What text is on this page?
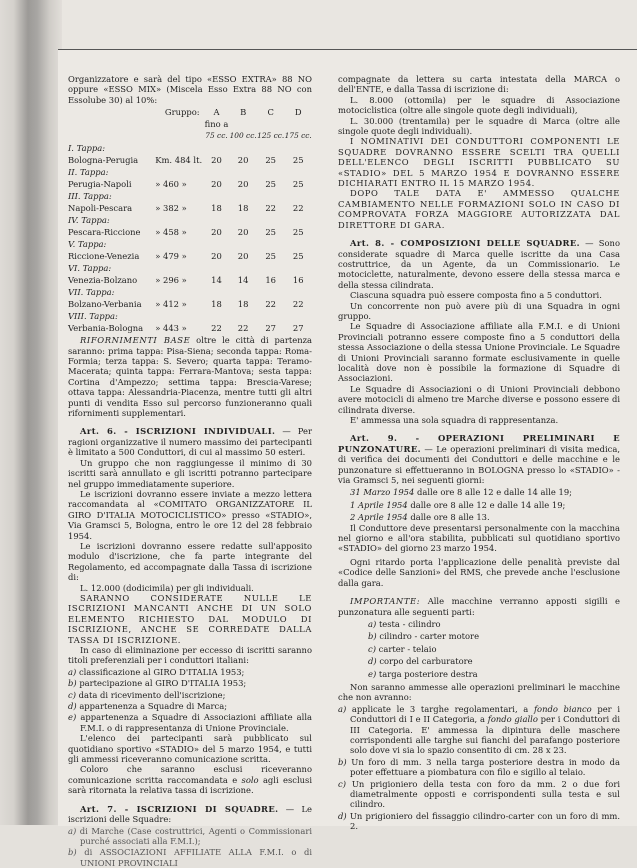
Organizzatore e sarà del tipo «ESSO EXTRA» 88 NO oppure «ESSO MIX» (Miscela Esso Extra 88 NO con Essolube 30) al 10%:

	Gruppo:	A	B	C	D
		fino a			
		75 cc.	100 cc.	125 cc.	175 cc.
I. Tappa:					
Bologna-Perugia	Km. 484 lt.	20	20	25	25
II. Tappa:					
Perugia-Napoli	» 460 »	20	20	25	25
III. Tappa:					
Napoli-Pescara	» 382 »	18	18	22	22
IV. Tappa:					
Pescara-Riccione	» 458 »	20	20	25	25
V. Tappa:					
Riccione-Venezia	» 479 »	20	20	25	25
VI. Tappa:					
Venezia-Bolzano	» 296 »	14	14	16	16
VII. Tappa:					
Bolzano-Verbania	» 412 »	18	18	22	22
VIII. Tappa:					
Verbania-Bologna	» 443 »	22	22	27	27

RIFORNIMENTI BASE oltre le città di partenza saranno: prima tappa: Pisa-Siena; seconda tappa: Roma-Formia; terza tappa: S. Severo; quarta tappa: Teramo-Macerata; quinta tappa: Ferrara-Mantova; sesta tappa: Cortina d'Ampezzo; settima tappa: Brescia-Varese; ottava tappa: Alessandria-Piacenza, mentre tutti gli altri punti di vendita Esso sul percorso funzioneranno quali rifornimenti supplementari.

Art. 6. - ISCRIZIONI INDIVIDUALI. — Per ragioni organizzative il numero massimo dei partecipanti è limitato a 500 Conduttori, di cui al massimo 50 esteri.

Un gruppo che non raggiungesse il minimo di 30 iscritti sarà annullato e gli iscritti potranno partecipare nel gruppo immediatamente superiore.

Le iscrizioni dovranno essere inviate a mezzo lettera raccomandata al «COMITATO ORGANIZZATORE IL GIRO D'ITALIA MOTOCICLISTICO» presso «STADIO», Via Gramsci 5, Bologna, entro le ore 12 del 28 febbraio 1954.

Le iscrizioni dovranno essere redatte sull'apposito modulo d'iscrizione, che fa parte integrante del Regolamento, ed accompagnate dalla Tassa di iscrizione di:

L. 12.000 (dodicimila) per gli individuali.

SARANNO CONSIDERATE NULLE LE ISCRIZIONI MANCANTI ANCHE DI UN SOLO ELEMENTO RICHIESTO DAL MODULO DI ISCRIZIONE, ANCHE SE CORREDATE DALLA TASSA DI ISCRIZIONE.

In caso di eliminazione per eccesso di iscritti saranno titoli preferenziali per i conduttori italiani:

a) classificazione al GIRO D'ITALIA 1953;

b) partecipazione al GIRO D'ITALIA 1953;

c) data di ricevimento dell'iscrizione;

d) appartenenza a Squadre di Marca;

e) appartenenza a Squadre di Associazioni affiliate alla F.M.I. o di rappresentanza di Unione Provinciale.

L'elenco dei partecipanti sarà pubblicato sul quotidiano sportivo «STADIO» del 5 marzo 1954, e tutti gli ammessi riceveranno comunicazione scritta.

Coloro che saranno esclusi riceveranno comunicazione scritta raccomandata e solo agli esclusi sarà ritornata la relativa tassa di iscrizione.

Art. 7. - ISCRIZIONI DI SQUADRE. — Le iscrizioni delle Squadre:

a) di Marche (Case costruttrici, Agenti o Commissionari purché associati alla F.M.I.);

b) di ASSOCIAZIONI AFFILIATE ALLA F.M.I. o di UNIONI PROVINCIALI

compagnate da lettera su carta intestata della MARCA o dell'ENTE, e dalla Tassa di iscrizione di:

L. 8.000 (ottomila) per le squadre di Associazione motociclistica (oltre alle singole quote degli individuali),

L. 30.000 (trentamila) per le squadre di Marca (oltre alle singole quote degli individuali).

I NOMINATIVI DEI CONDUTTORI COMPONENTI LE SQUADRE DOVRANNO ESSERE SCELTI TRA QUELLI DELL'ELENCO DEGLI ISCRITTI PUBBLICATO SU «STADIO» DEL 5 MARZO 1954 E DOVRANNO ESSERE DICHIARATI ENTRO IL 15 MARZO 1954.

DOPO TALE DATA E' AMMESSO QUALCHE CAMBIAMENTO NELLE FORMAZIONI SOLO IN CASO DI COMPROVATA FORZA MAGGIORE AUTORIZZATA DAL DIRETTORE DI GARA.

Art. 8. - COMPOSIZIONI DELLE SQUADRE. — Sono considerate squadre di Marca quelle iscritte da una Casa costruttrice, da un Agente, da un Commissionario. Le motociclette, naturalmente, devono essere della stessa marca e della stessa cilindrata.

Ciascuna squadra può essere composta fino a 5 conduttori.

Un concorrente non può avere più di una Squadra in ogni gruppo.

Le Squadre di Associazione affiliate alla F.M.I. e di Unioni Provinciali potranno essere composte fino a 5 conduttori della stessa Associazione o della stessa Unione Provinciale. Le Squadre di Unioni Provinciali saranno formate esclusivamente in quelle località dove non è possibile la formazione di Squadre di Associazioni.

Le Squadre di Associazioni o di Unioni Provinciali debbono avere motocicli di almeno tre Marche diverse e possono essere di cilindrata diverse.

E' ammessa una sola squadra di rappresentanza.

Art. 9. - OPERAZIONI PRELIMINARI E PUNZONATURE. — Le operazioni preliminari di visita medica, di verifica dei documenti dei Conduttori e delle macchine e le punzonature si effettueranno in BOLOGNA presso lo «STADIO» - via Gramsci 5, nei seguenti giorni:

31 Marzo 1954 dalle ore 8 alle 12 e dalle 14 alle 19;

1 Aprile 1954 dalle ore 8 alle 12 e dalle 14 alle 19;

2 Aprile 1954 dalle ore 8 alle 13.

Il Conduttore deve presentarsi personalmente con la macchina nel giorno e all'ora stabilita, pubblicati sul quotidiano sportivo «STADIO» del giorno 23 marzo 1954.

Ogni ritardo porta l'applicazione delle penalità previste dal «Codice delle Sanzioni» del RMS, che prevede anche l'esclusione dalla gara.

IMPORTANTE: Alle macchine verranno apposti sigilli e punzonatura alle seguenti parti:

a) testa - cilindro

b) cilindro - carter motore

c) carter - telaio

d) corpo del carburatore

e) targa posteriore destra

Non saranno ammesse alle operazioni preliminari le macchine che non avranno:

a) applicate le 3 targhe regolamentari, a fondo bianco per i Conduttori di I e II Categoria, a fondo giallo per i Conduttori di III Categoria. E' ammessa la dipintura delle maschere corrispondenti alle targhe sui fianchi del parafango posteriore solo dove vi sia lo spazio consentito di cm. 28 x 23.

b) Un foro di mm. 3 nella targa posteriore destra in modo da poter effettuare a piombatura con filo e sigillo al telaio.

c) Un prigioniero della testa con foro da mm. 2 o due fori diametralmente opposti e corrispondenti sulla testa e sul cilindro.

d) Un prigioniero del fissaggio cilindro-carter con un foro di mm. 2.
